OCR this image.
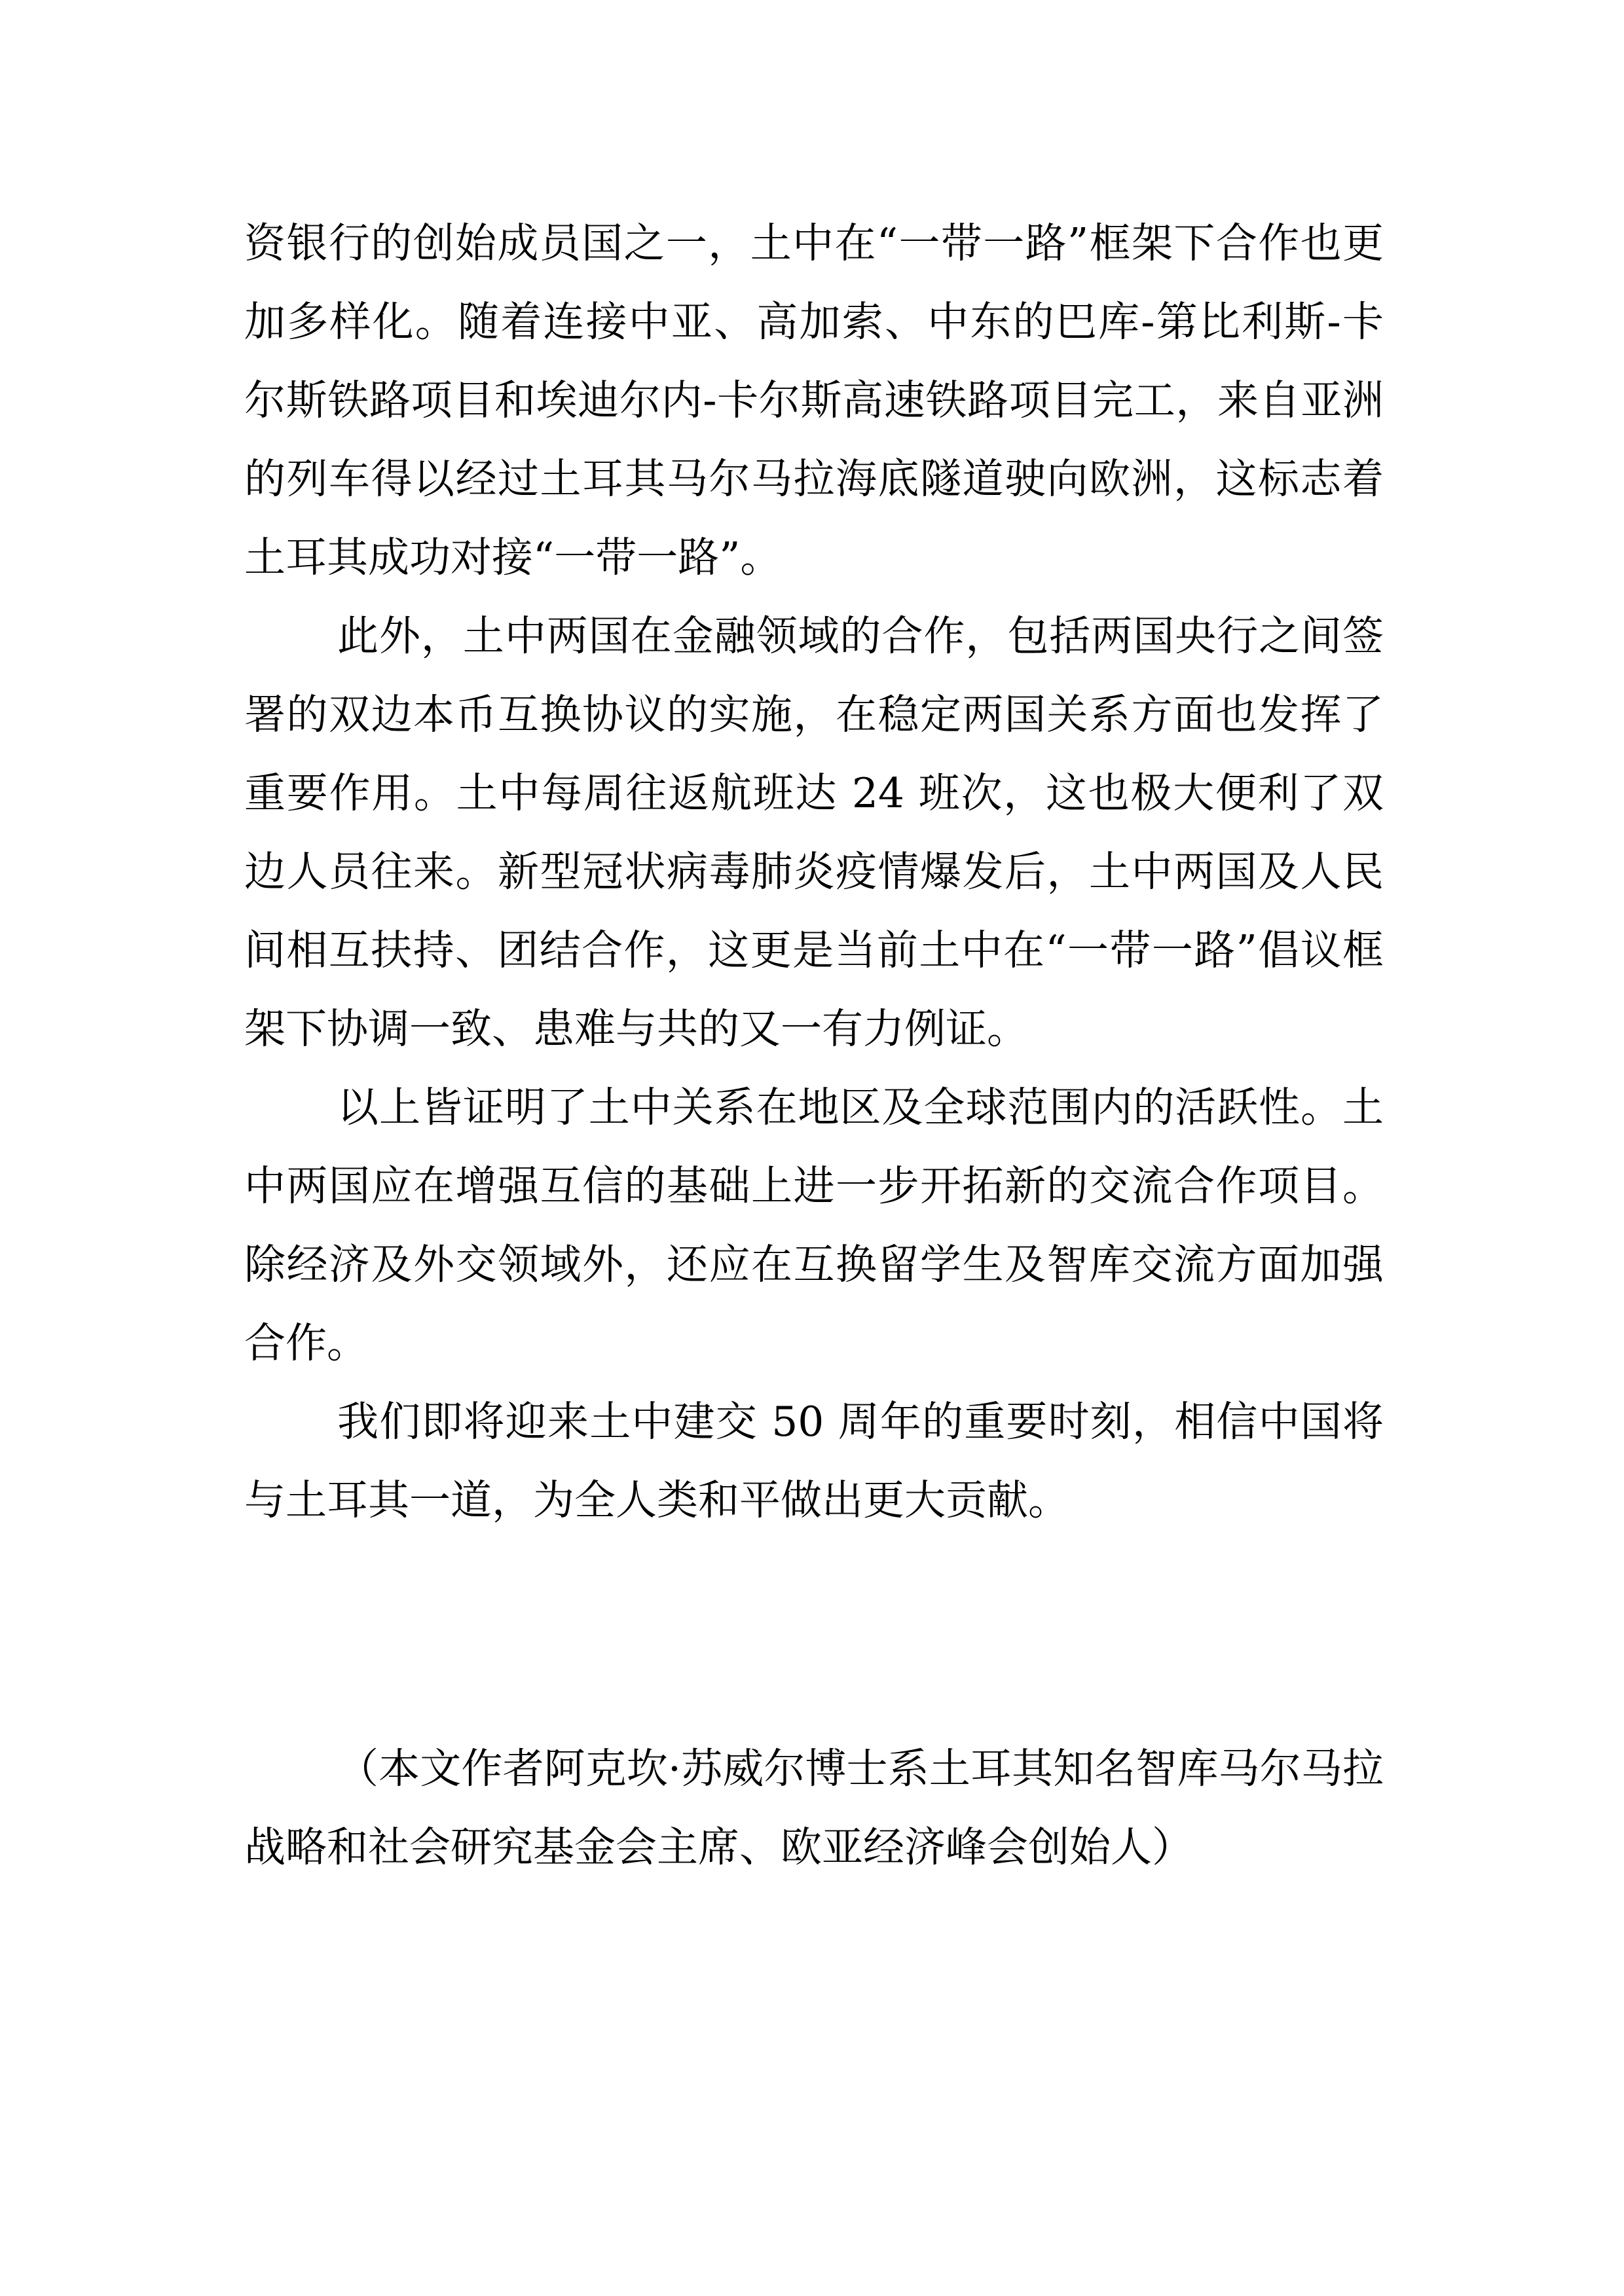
资银行的创始成员国之一，土中在“一带一路”框架下合作也更加多样化。随着连接中亚、高加索、中东的巴库-第比利斯-卡尔斯铁路项目和埃迪尔内-卡尔斯高速铁路项目完工，来自亚洲的列车得以经过土耳其马尔马拉海底隧道驶向欧洲，这标志着土耳其成功对接“一带一路”。

此外，土中两国在金融领域的合作，包括两国央行之间签署的双边本币互换协议的实施，在稳定两国关系方面也发挥了重要作用。土中每周往返航班达 24 班次，这也极大便利了双边人员往来。新型冠状病毒肺炎疫情爆发后，土中两国及人民间相互扶持、团结合作，这更是当前土中在“一带一路”倡议框架下协调一致、患难与共的又一有力例证。

以上皆证明了土中关系在地区及全球范围内的活跃性。土中两国应在增强互信的基础上进一步开拓新的交流合作项目。除经济及外交领域外，还应在互换留学生及智库交流方面加强合作。

我们即将迎来土中建交 50 周年的重要时刻，相信中国将与土耳其一道，为全人类和平做出更大贡献。

（本文作者阿克坎·苏威尔博士系土耳其知名智库马尔马拉战略和社会研究基金会主席、欧亚经济峰会创始人）
